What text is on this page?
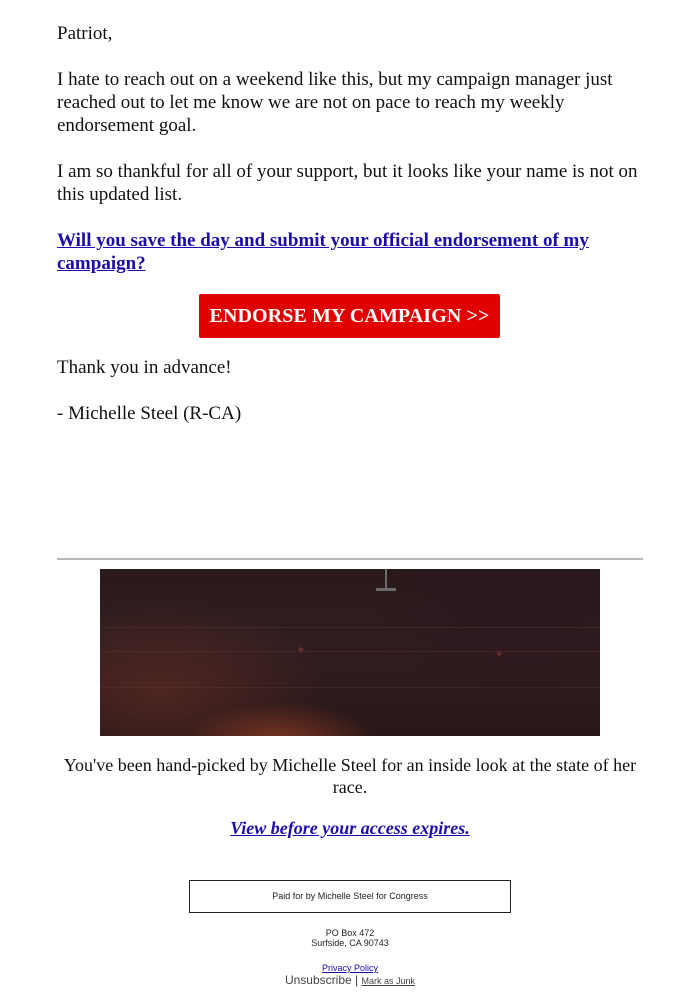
Patriot,

I hate to reach out on a weekend like this, but my campaign manager just reached out to let me know we are not on pace to reach my weekly endorsement goal.

I am so thankful for all of your support, but it looks like your name is not on this updated list.

Will you save the day and submit your official endorsement of my campaign?
ENDORSE MY CAMPAIGN >>

Thank you in advance!

- Michelle Steel (R-CA)

✦	✦
You've been hand-picked by Michelle Steel for an inside look at the state of her race.
View before your access expires.
Paid for by Michelle Steel for Congress
PO Box 472
Surfside, CA 90743
Privacy Policy
Unsubscribe | Mark as Junk
